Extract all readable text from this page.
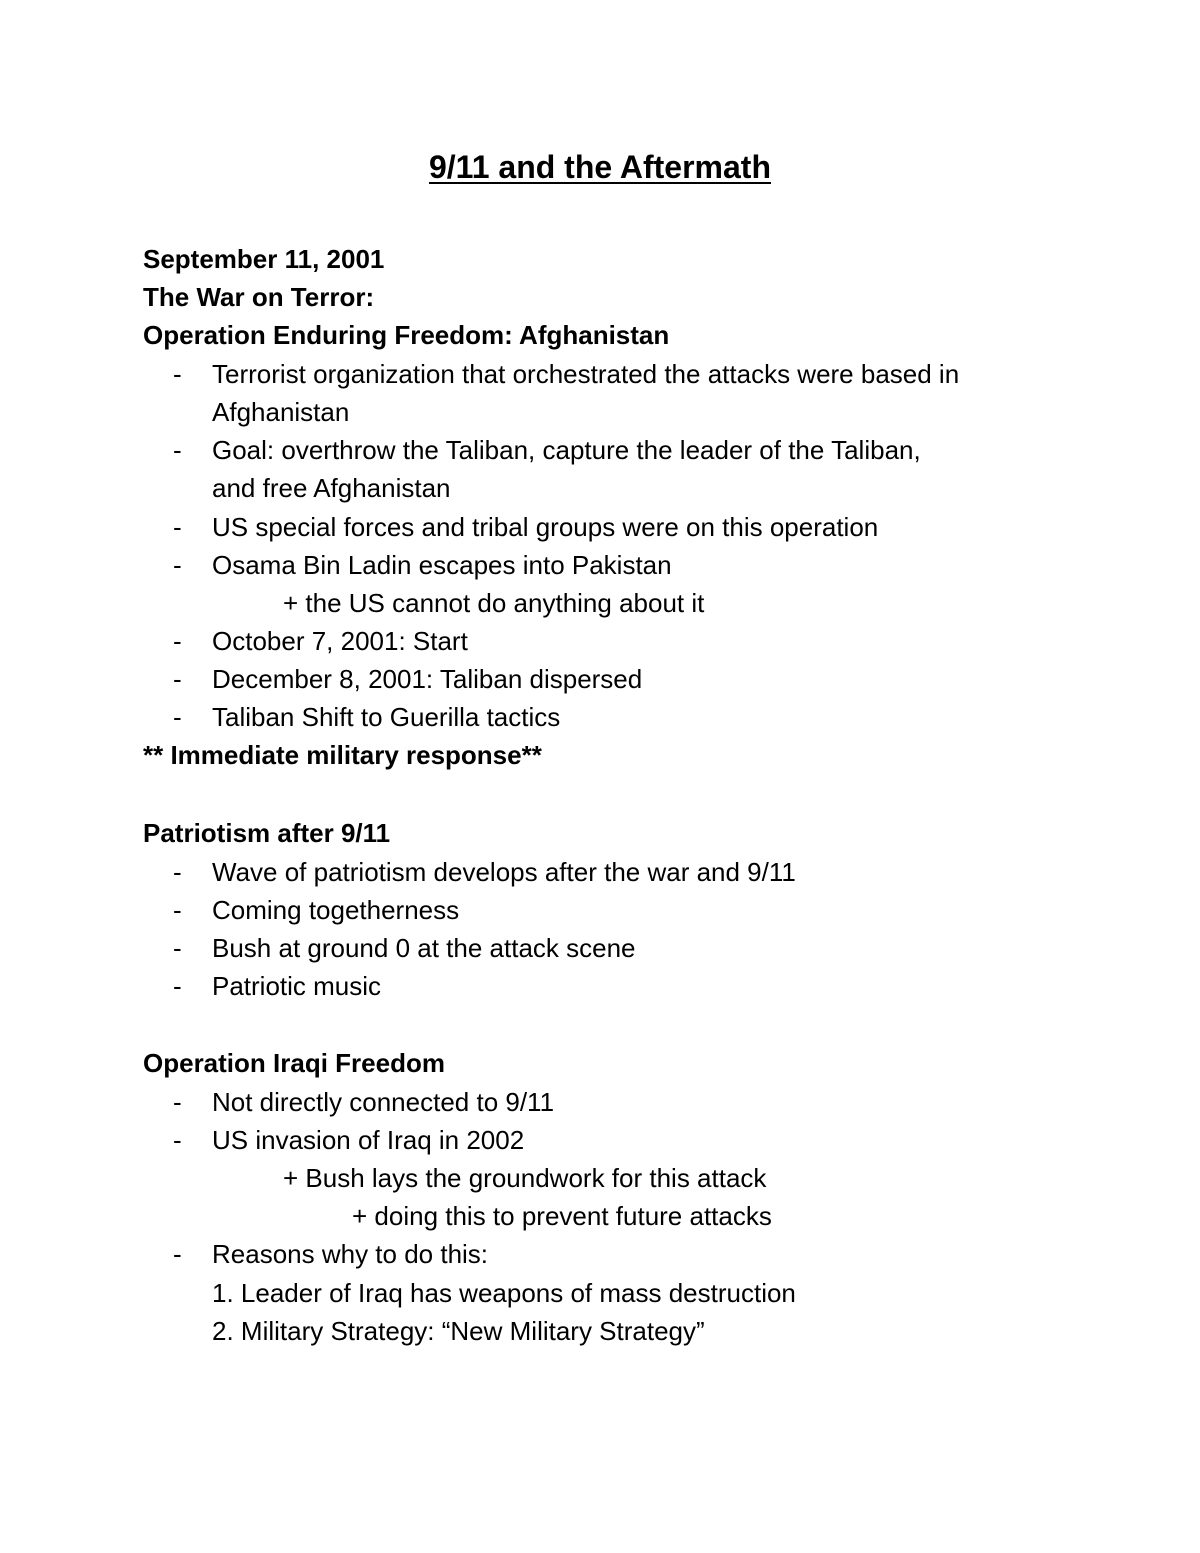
9/11 and the Aftermath
September 11, 2001
The War on Terror:
Operation Enduring Freedom: Afghanistan
-	Terrorist organization that orchestrated the attacks were based in
Afghanistan
-	Goal: overthrow the Taliban, capture the leader of the Taliban,
and free Afghanistan
-	US special forces and tribal groups were on this operation
-	Osama Bin Ladin escapes into Pakistan
+ the US cannot do anything about it
-	October 7, 2001: Start
-	December 8, 2001: Taliban dispersed
-	Taliban Shift to Guerilla tactics
** Immediate military response**
Patriotism after 9/11
-	Wave of patriotism develops after the war and 9/11
-	Coming togetherness
-	Bush at ground 0 at the attack scene
-	Patriotic music
Operation Iraqi Freedom
-	Not directly connected to 9/11
-	US invasion of Iraq in 2002
+ Bush lays the groundwork for this attack
+ doing this to prevent future attacks
-	Reasons why to do this:
1. Leader of Iraq has weapons of mass destruction
2. Military Strategy: “New Military Strategy”
